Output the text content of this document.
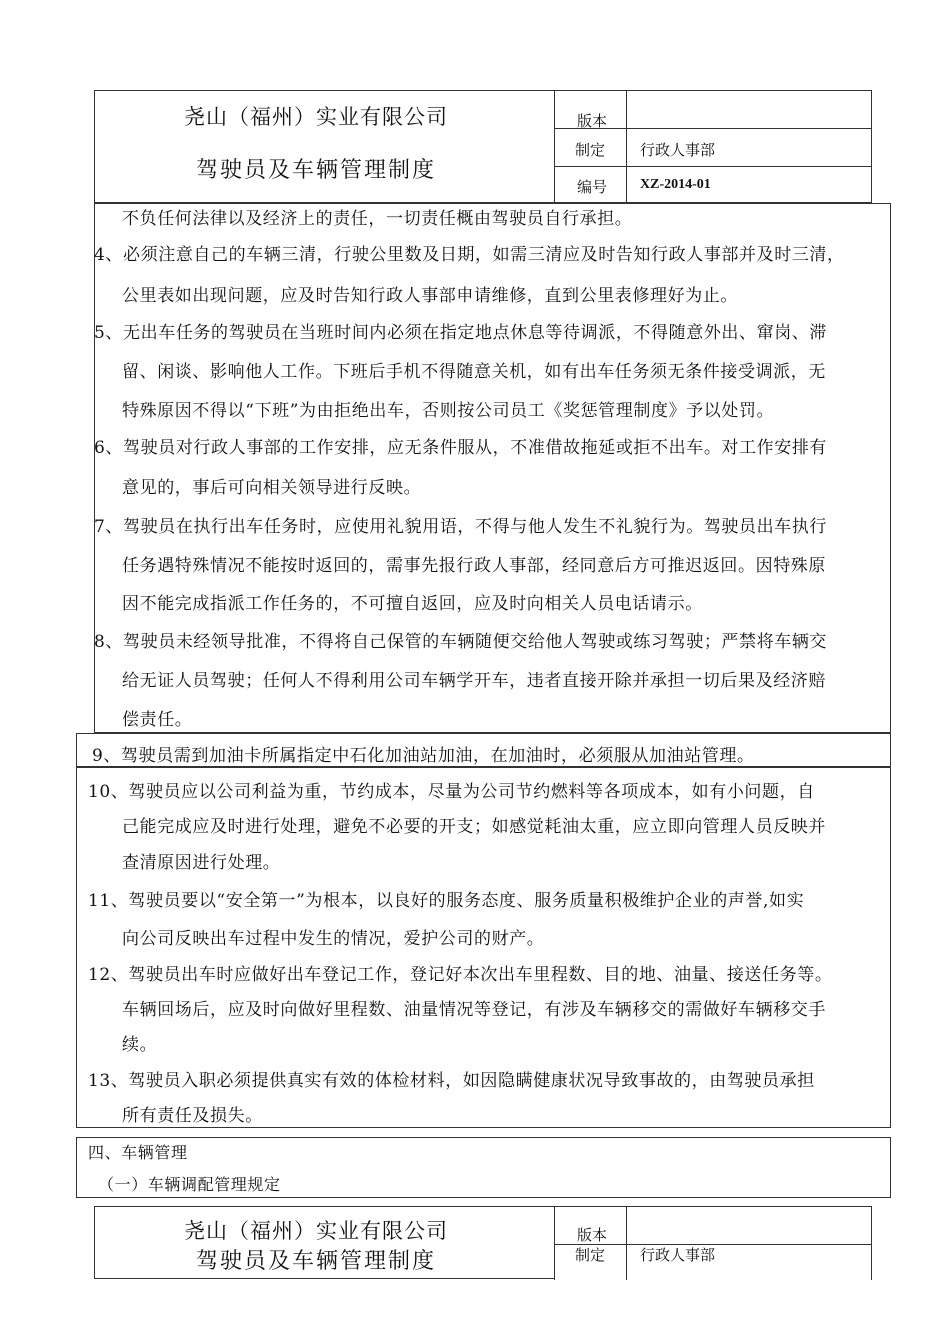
尧山（福州）实业有限公司
驾驶员及车辆管理制度
版本
制定 行政人事部
编号 XZ-2014-01
不负任何法律以及经济上的责任，一切责任概由驾驶员自行承担。
4、必须注意自己的车辆三清，行驶公里数及日期，如需三清应及时告知行政人事部并及时三清，
公里表如出现问题，应及时告知行政人事部申请维修，直到公里表修理好为止。
5、无出车任务的驾驶员在当班时间内必须在指定地点休息等待调派，不得随意外出、窜岗、滞
留、闲谈、影响他人工作。下班后手机不得随意关机，如有出车任务须无条件接受调派，无
特殊原因不得以“下班”为由拒绝出车，否则按公司员工《奖惩管理制度》予以处罚。
6、驾驶员对行政人事部的工作安排，应无条件服从，不准借故拖延或拒不出车。对工作安排有
意见的，事后可向相关领导进行反映。
7、驾驶员在执行出车任务时，应使用礼貌用语，不得与他人发生不礼貌行为。驾驶员出车执行
任务遇特殊情况不能按时返回的，需事先报行政人事部，经同意后方可推迟返回。因特殊原
因不能完成指派工作任务的，不可擅自返回，应及时向相关人员电话请示。
8、驾驶员未经领导批准，不得将自己保管的车辆随便交给他人驾驶或练习驾驶；严禁将车辆交
给无证人员驾驶；任何人不得利用公司车辆学开车，违者直接开除并承担一切后果及经济赔
偿责任。
9、驾驶员需到加油卡所属指定中石化加油站加油，在加油时，必须服从加油站管理。
10、驾驶员应以公司利益为重，节约成本，尽量为公司节约燃料等各项成本，如有小问题，自
己能完成应及时进行处理，避免不必要的开支；如感觉耗油太重，应立即向管理人员反映并
查清原因进行处理。
11、驾驶员要以“安全第一”为根本，以良好的服务态度、服务质量积极维护企业的声誉,如实
向公司反映出车过程中发生的情况，爱护公司的财产。
12、驾驶员出车时应做好出车登记工作，登记好本次出车里程数、目的地、油量、接送任务等。
车辆回场后，应及时向做好里程数、油量情况等登记，有涉及车辆移交的需做好车辆移交手
续。
13、驾驶员入职必须提供真实有效的体检材料，如因隐瞒健康状况导致事故的，由驾驶员承担
所有责任及损失。
四、车辆管理
（一）车辆调配管理规定
尧山（福州）实业有限公司
驾驶员及车辆管理制度
版本
制定 行政人事部
